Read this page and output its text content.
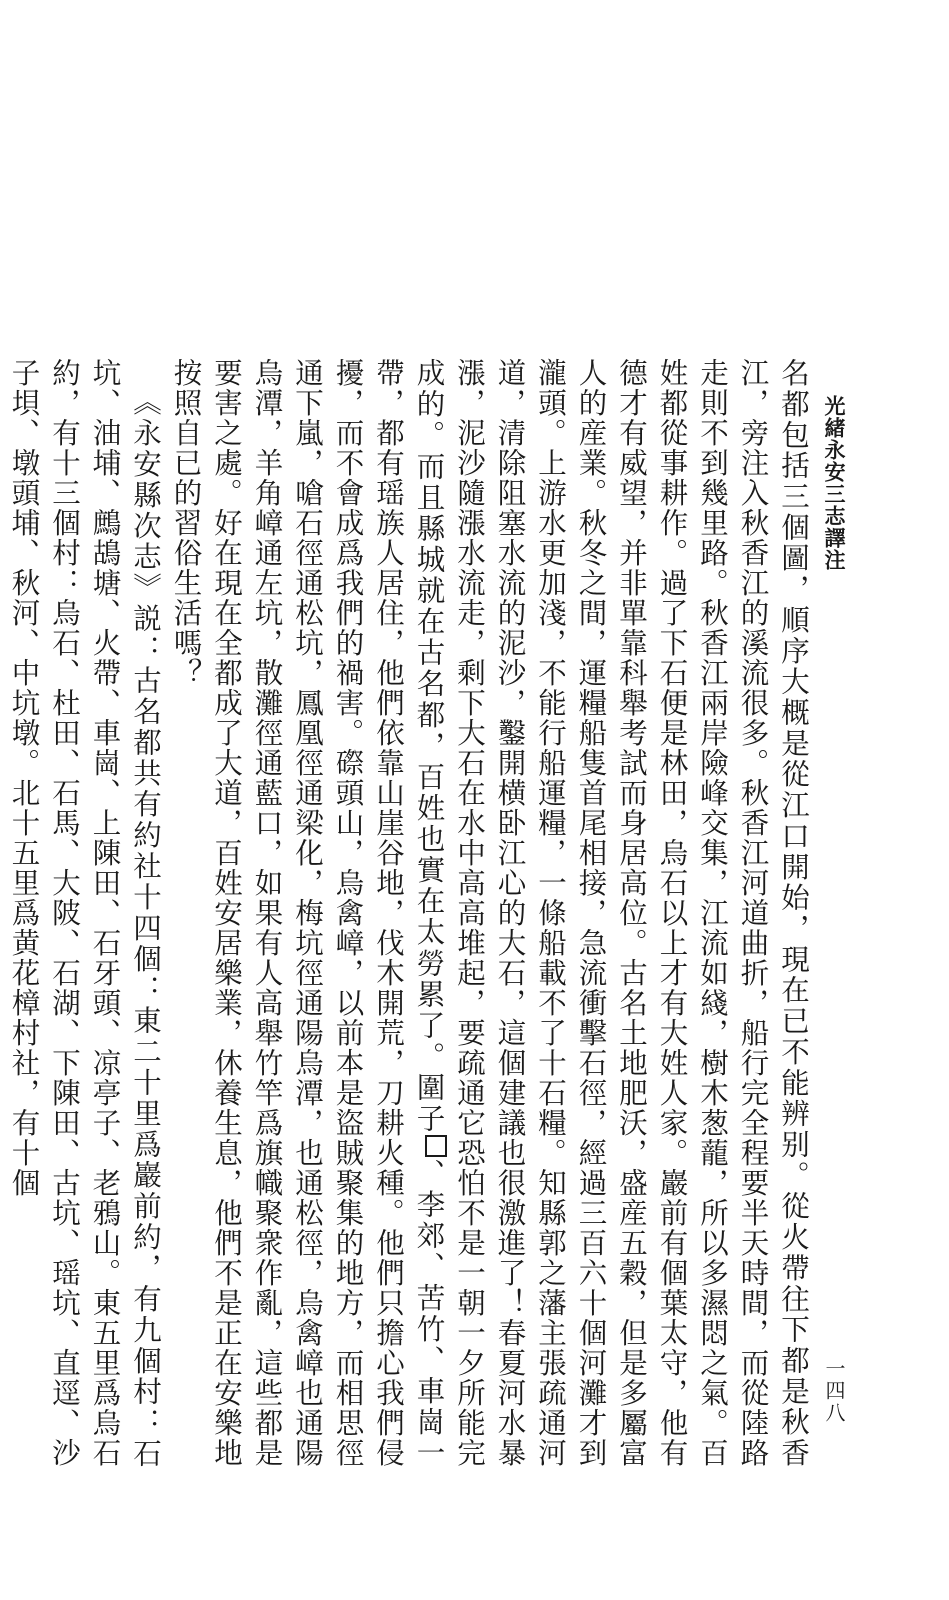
光緒永安三志譯注
一四八

名都包括三個圖，順序大概是從江口開始，現在已不能辨别。從火帶往下都是秋香江，旁注入秋香江的溪流很多。秋香江河道曲折，船行完全程要半天時間，而從陸路走則不到幾里路。秋香江兩岸險峰交集，江流如綫，樹木葱蘢，所以多濕悶之氣。百姓都從事耕作。過了下石便是林田，烏石以上才有大姓人家。巖前有個葉太守，他有德才有威望，并非單靠科舉考試而身居高位。古名土地肥沃，盛産五穀，但是多屬富人的産業。秋冬之間，運糧船隻首尾相接，急流衝擊石徑，經過三百六十個河灘才到瀧頭。上游水更加淺，不能行船運糧，一條船載不了十石糧。知縣郭之藩主張疏通河道，清除阻塞水流的泥沙，鑿開横卧江心的大石，這個建議也很激進了！春夏河水暴漲，泥沙隨漲水流走，剩下大石在水中高高堆起，要疏通它恐怕不是一朝一夕所能完成的。而且縣城就在古名都，百姓也實在太勞累了。圍子、李郊、苦竹、車崗一帶，都有瑶族人居住，他們依靠山崖谷地，伐木開荒，刀耕火種。他們只擔心我們侵擾，而不會成爲我們的禍害。磜頭山，烏禽嶂，以前本是盜賊聚集的地方，而相思徑通下嵐，嗆石徑通松坑，鳳凰徑通梁化，梅坑徑通陽烏潭，也通松徑，烏禽嶂也通陽烏潭，羊角嶂通左坑，散灘徑通藍口，如果有人高舉竹竿爲旗幟聚衆作亂，這些都是要害之處。好在現在全都成了大道，百姓安居樂業，休養生息，他們不是正在安樂地按照自已的習俗生活嗎？

《永安縣次志》説：古名都共有約社十四個：東二十里爲巖前約，有九個村：石坑、油埔、鷓鴣塘、火帶、車崗、上陳田、石牙頭、凉亭子、老鴉山。東五里爲烏石約，有十三個村：烏石、杜田、石馬、大陂、石湖、下陳田、古坑、瑶坑、直逕、沙子垻、墩頭埔、秋河、中坑墩。北十五里爲黄花樟村社，有十個
